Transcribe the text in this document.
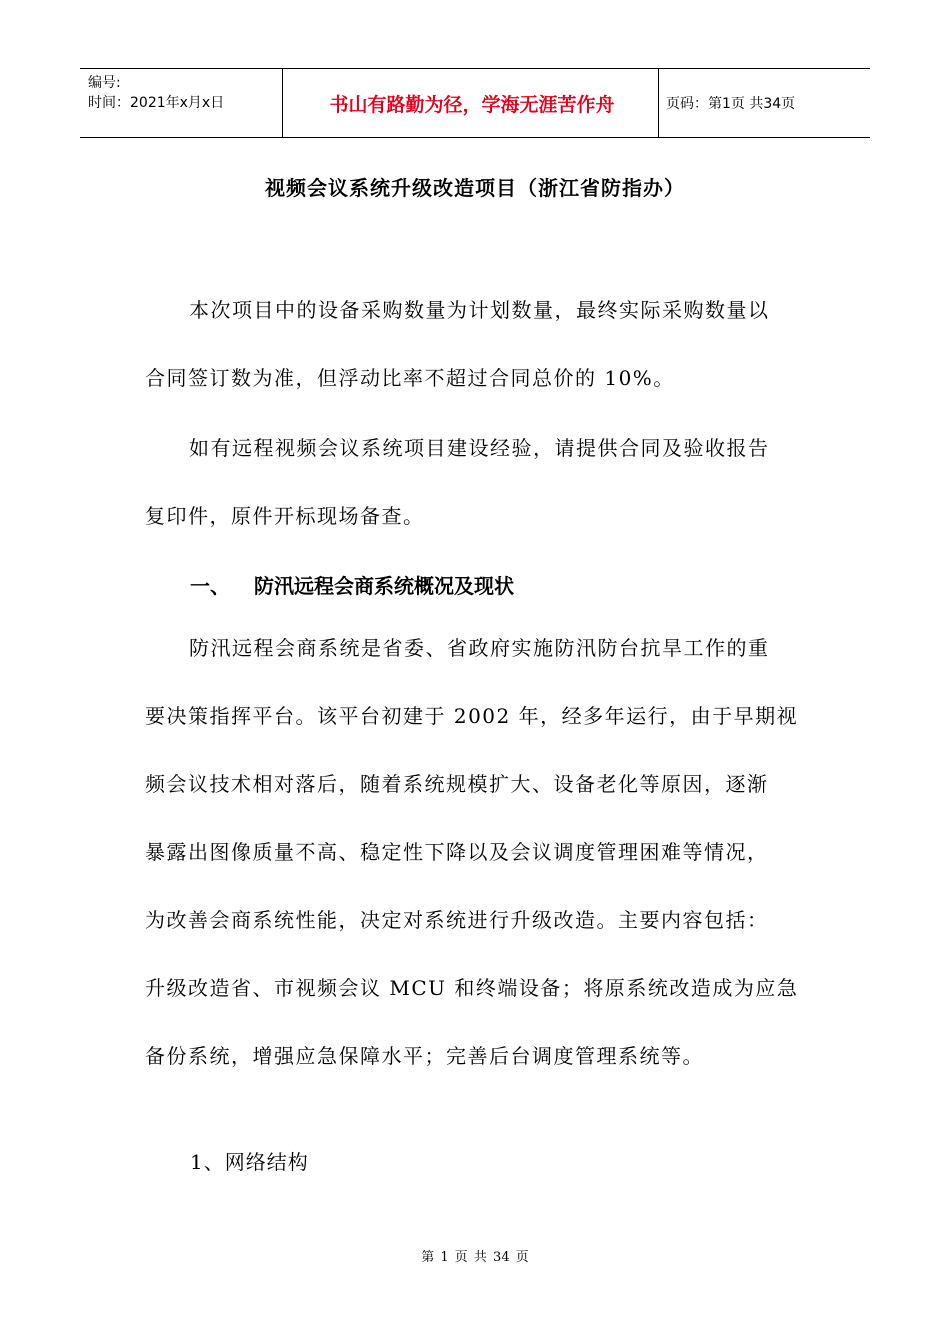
编号:
时间：2021年x月x日	书山有路勤为径，学海无涯苦作舟	页码：第1页 共34页
视频会议系统升级改造项目（浙江省防指办）

本次项目中的设备采购数量为计划数量，最终实际采购数量以

合同签订数为准，但浮动比率不超过合同总价的 10%。

如有远程视频会议系统项目建设经验，请提供合同及验收报告

复印件，原件开标现场备查。

一、 防汛远程会商系统概况及现状

防汛远程会商系统是省委、省政府实施防汛防台抗旱工作的重

要决策指挥平台。该平台初建于 2002 年，经多年运行，由于早期视

频会议技术相对落后，随着系统规模扩大、设备老化等原因，逐渐

暴露出图像质量不高、稳定性下降以及会议调度管理困难等情况，

为改善会商系统性能，决定对系统进行升级改造。主要内容包括：

升级改造省、市视频会议 MCU 和终端设备；将原系统改造成为应急

备份系统，增强应急保障水平；完善后台调度管理系统等。

1、网络结构
第 1 页 共 34 页
